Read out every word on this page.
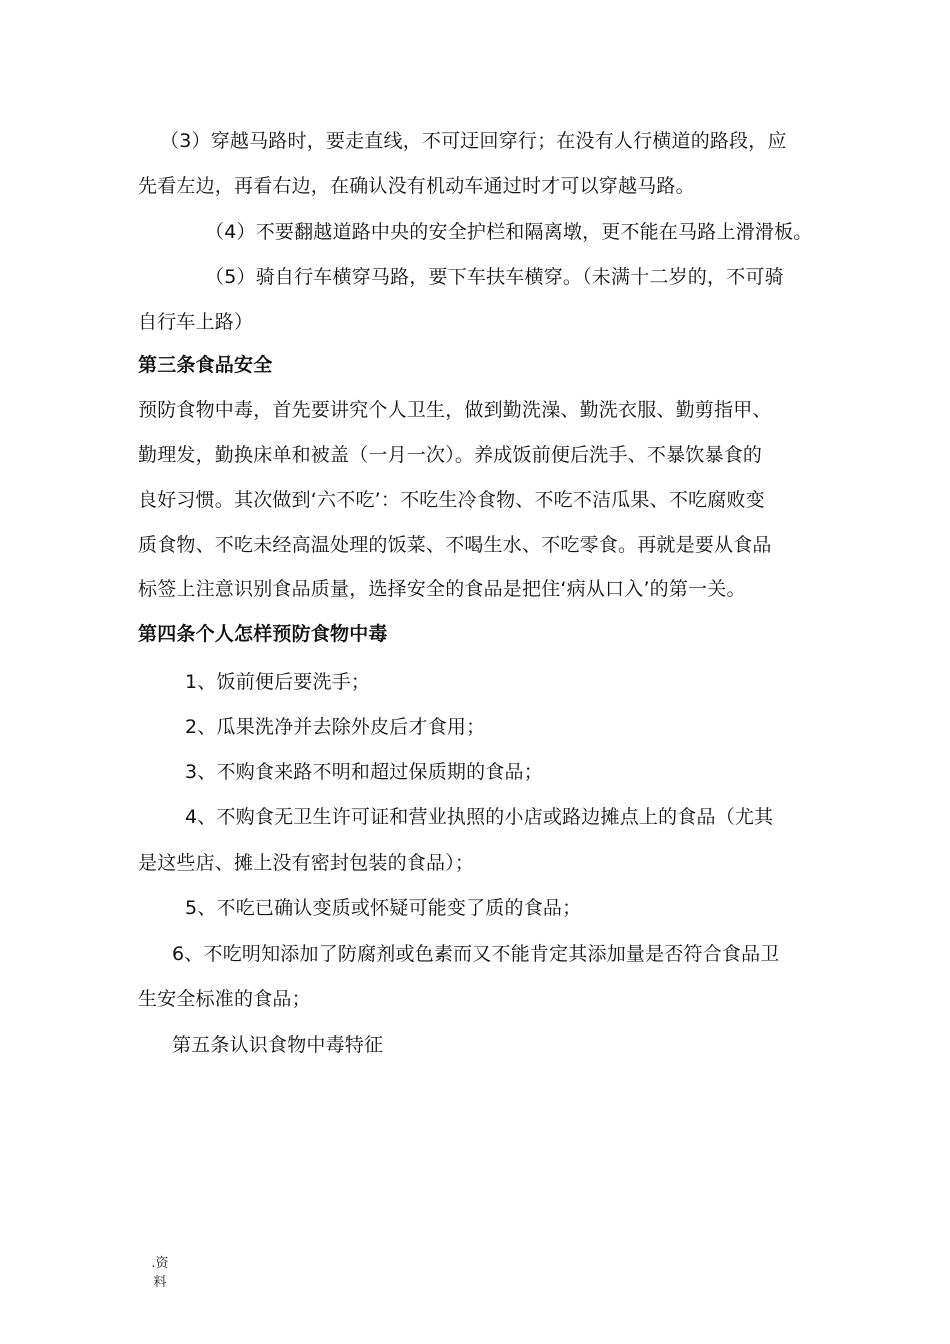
（3）穿越马路时，要走直线，不可迂回穿行；在没有人行横道的路段，应
先看左边，再看右边，在确认没有机动车通过时才可以穿越马路。
（4）不要翻越道路中央的安全护栏和隔离墩，更不能在马路上滑滑板。
（5）骑自行车横穿马路，要下车扶车横穿。（未满十二岁的，不可骑
自行车上路）
第三条食品安全
预防食物中毒，首先要讲究个人卫生，做到勤洗澡、勤洗衣服、勤剪指甲、
勤理发，勤换床单和被盖（一月一次）。养成饭前便后洗手、不暴饮暴食的
良好习惯。其次做到‘六不吃’：不吃生冷食物、不吃不洁瓜果、不吃腐败变
质食物、不吃未经高温处理的饭菜、不喝生水、不吃零食。再就是要从食品
标签上注意识别食品质量，选择安全的食品是把住‘病从口入’的第一关。
第四条个人怎样预防食物中毒
1、饭前便后要洗手；
2、瓜果洗净并去除外皮后才食用；
3、不购食来路不明和超过保质期的食品；
4、不购食无卫生许可证和营业执照的小店或路边摊点上的食品（尤其
是这些店、摊上没有密封包装的食品）；
5、不吃已确认变质或怀疑可能变了质的食品；
6、不吃明知添加了防腐剂或色素而又不能肯定其添加量是否符合食品卫
生安全标准的食品；
第五条认识食物中毒特征
.资
料
